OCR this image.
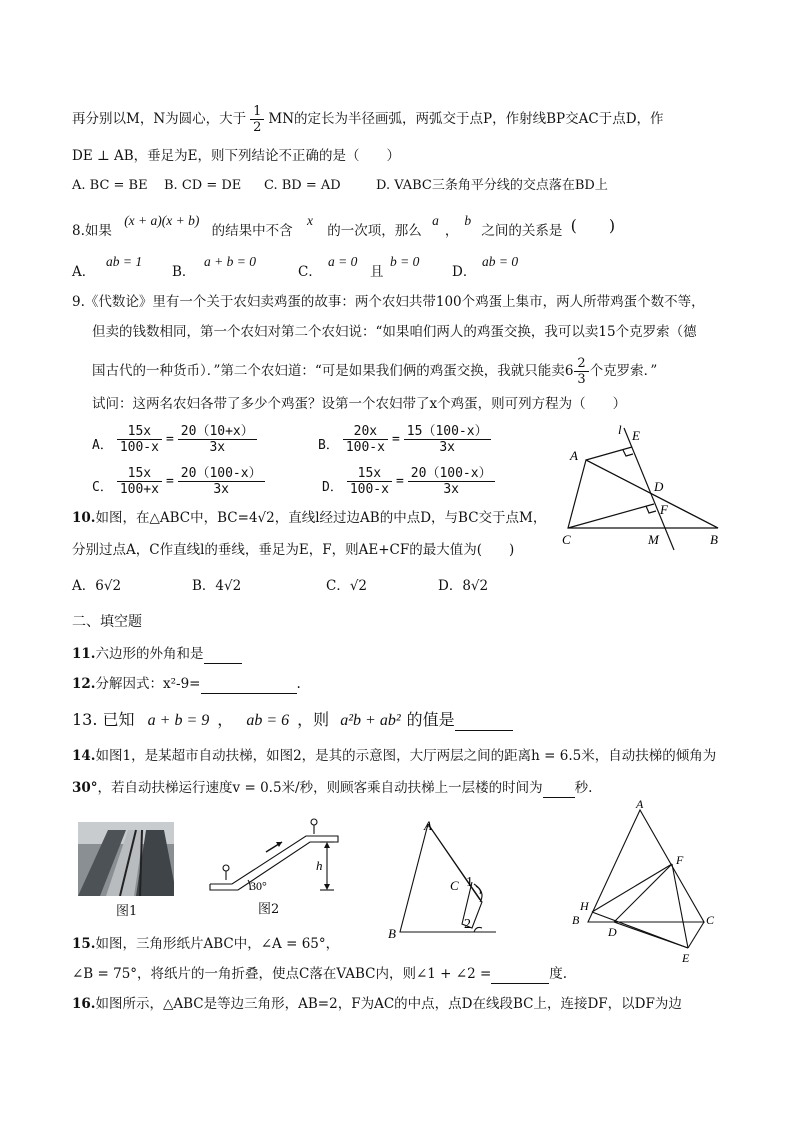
再分别以M，N为圆心，大于 $\frac{1}{2}$ MN的定长为半径画弧，两弧交于点P，作射线BP交AC于点D，作
DE ⊥ AB，垂足为E，则下列结论不正确的是（　　）
A. BC = BE B. CD = DE C. BD = AD	D. VABC三条角平分线的交点落在BD上
8.如果 (x + a)(x + b) 的结果中不含 x 的一次项，那么 a，b 之间的关系是 (　　)
A．
ab = 1
B．
a + b = 0
C．
a = 0
且
b = 0
D．
ab = 0
9.《代数论》里有一个关于农妇卖鸡蛋的故事：两个农妇共带100个鸡蛋上集市，两人所带鸡蛋个数不等，
但卖的钱数相同，第一个农妇对第二个农妇说：“如果咱们两人的鸡蛋交换，我可以卖15个克罗索（德
国古代的一种货币）．”第二个农妇道：“可是如果我们俩的鸡蛋交换，我就只能卖$6 \frac{2}{3}$ 个克罗索．”
试问：这两名农妇各带了多少个鸡蛋？设第一个农妇带了x个鸡蛋，则可列方程为（　　）
A． $\frac{15x}{100-x} = \frac{20(10+x)}{3x}$	B． $\frac{20x}{100-x} = \frac{15(100-x)}{3x}$
C． $\frac{15x}{100+x} = \frac{20(100-x)}{3x}$	D． $\frac{15x}{100-x} = \frac{20(100-x)}{3x}$
l E
A
D
F
C	M	B
10.如图，在△ABC中，BC=4√2，直线l经过边AB的中点D，与BC交于点M，
分别过点A，C作直线l的垂线，垂足为E，F，则AE+CF的最大值为(　　)
A．6√2	B．4√2	C．√2	D．8√2
二、填空题
11.六边形的外角和是
12.分解因式：x²-9=	.
13. 已知 a + b = 9 ， ab = 6 ，则 a²b + ab² 的值是
14.如图1，是某超市自动扶梯，如图2，是其的示意图，大厅两层之间的距离h = 6.5米，自动扶梯的倾角为
30°，若自动扶梯运行速度v = 0.5米/秒，则顾客乘自动扶梯上一层楼的时间为 秒.
图1
30°
h
图2
A
B
C 1
2
A
F
H
B
D
C
E
15.如图，三角形纸片ABC中，∠A = 65°，
∠B = 75°，将纸片的一角折叠，使点C落在VABC内，则∠1 + ∠2 =	度.
16.如图所示，△ABC是等边三角形，AB=2，F为AC的中点，点D在线段BC上，连接DF，以DF为边
